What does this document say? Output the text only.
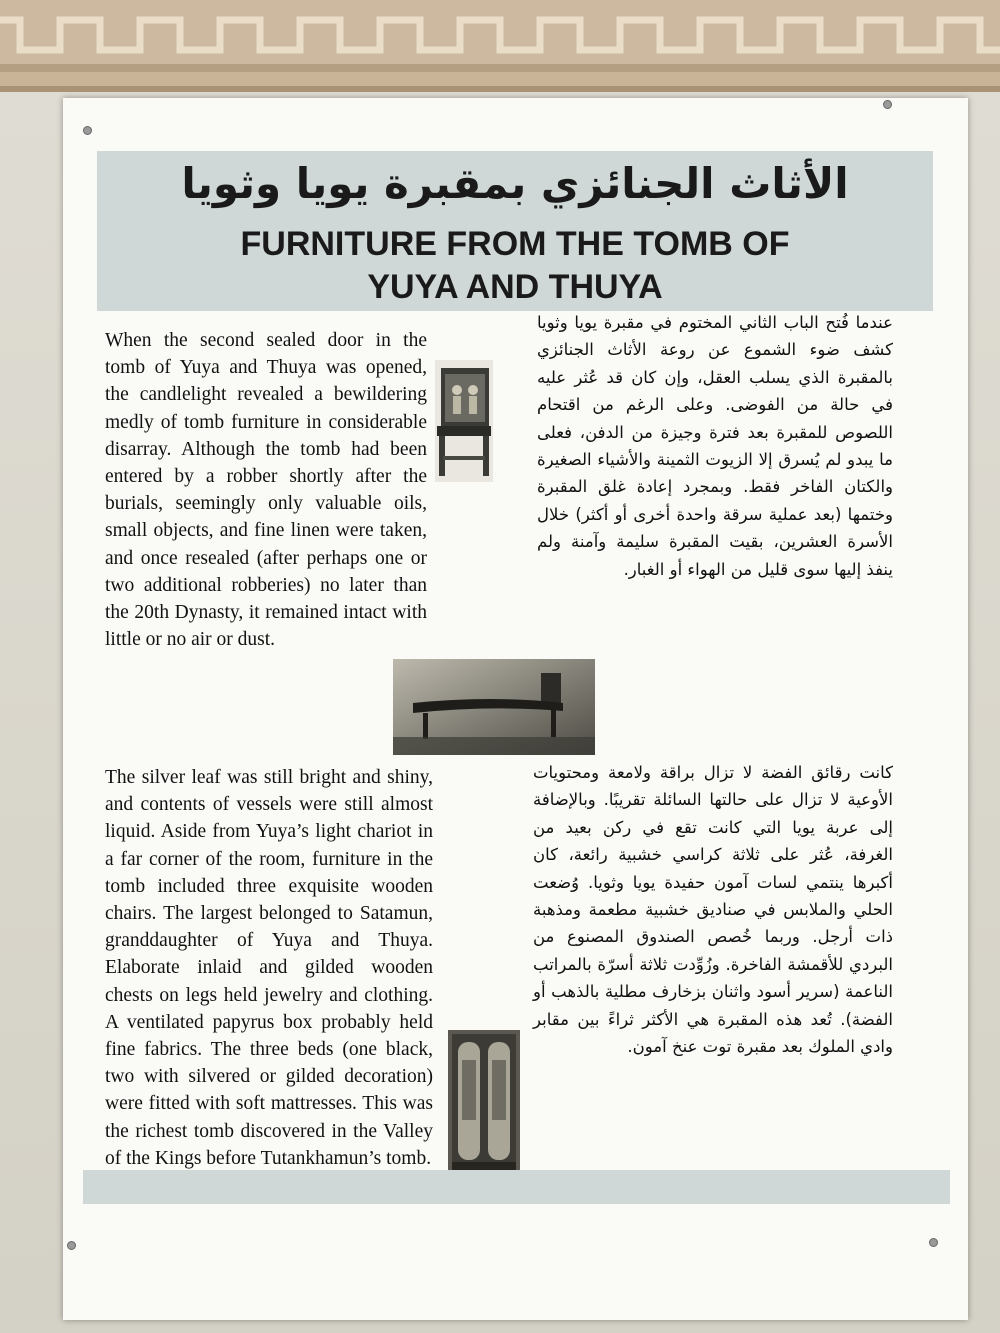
الأثاث الجنائزي بمقبرة يويا وثويا
FURNITURE FROM THE TOMB OF
YUYA AND THUYA
When the second sealed door in the tomb of Yuya and Thuya was opened, the candlelight revealed a bewildering medly of tomb furniture in considerable disarray. Although the tomb had been entered by a robber shortly after the burials, seemingly only valuable oils, small objects, and fine linen were taken, and once resealed (after perhaps one or two additional robberies) no later than the 20th Dynasty, it remained intact with little or no air or dust.
عندما فُتح الباب الثاني المختوم في مقبرة يويا وثويا كشف ضوء الشموع عن روعة الأثاث الجنائزي بالمقبرة الذي يسلب العقل، وإن كان قد عُثر عليه في حالة من الفوضى. وعلى الرغم من اقتحام اللصوص للمقبرة بعد فترة وجيزة من الدفن، فعلى ما يبدو لم يُسرق إلا الزيوت الثمينة والأشياء الصغيرة والكتان الفاخر فقط. وبمجرد إعادة غلق المقبرة وختمها (بعد عملية سرقة واحدة أخرى أو أكثر) خلال الأسرة العشرين، بقيت المقبرة سليمة وآمنة ولم ينفذ إليها سوى قليل من الهواء أو الغبار.
The silver leaf was still bright and shiny, and contents of vessels were still almost liquid. Aside from Yuya’s light chariot in a far corner of the room, furniture in the tomb included three exquisite wooden chairs. The largest belonged to Satamun, granddaughter of Yuya and Thuya. Elaborate inlaid and gilded wooden chests on legs held jewelry and clothing. A ventilated papyrus box probably held fine fabrics. The three beds (one black, two with silvered or gilded decoration) were fitted with soft mattresses. This was the richest tomb discovered in the Valley of the Kings before Tutankhamun’s tomb.
كانت رقائق الفضة لا تزال براقة ولامعة ومحتويات الأوعية لا تزال على حالتها السائلة تقريبًا. وبالإضافة إلى عربة يويا التي كانت تقع في ركن بعيد من الغرفة، عُثر على ثلاثة كراسي خشبية رائعة، كان أكبرها ينتمي لسات آمون حفيدة يويا وثويا. وُضعت الحلي والملابس في صناديق خشبية مطعمة ومذهبة ذات أرجل. وربما خُصص الصندوق المصنوع من البردي للأقمشة الفاخرة. وزُوِّدت ثلاثة أسرّة بالمراتب الناعمة (سرير أسود واثنان بزخارف مطلية بالذهب أو الفضة). تُعد هذه المقبرة هي الأكثر ثراءً بين مقابر وادي الملوك بعد مقبرة توت عنخ آمون.
